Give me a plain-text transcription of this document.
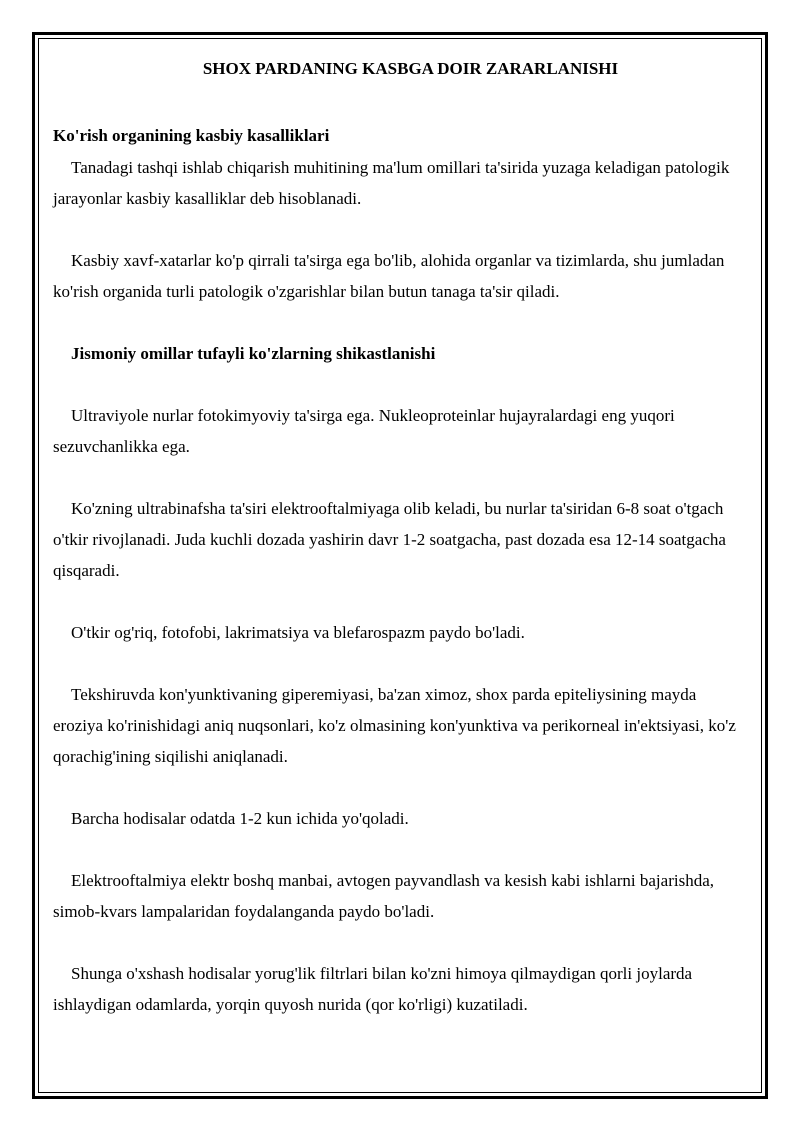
SHOX PARDANING KASBGA DOIR ZARARLANISHI
Ko'rish organining kasbiy kasalliklari

Tanadagi tashqi ishlab chiqarish muhitining ma'lum omillari ta'sirida yuzaga keladigan patologik jarayonlar kasbiy kasalliklar deb hisoblanadi.

Kasbiy xavf-xatarlar ko'p qirrali ta'sirga ega bo'lib, alohida organlar va tizimlarda, shu jumladan ko'rish organida turli patologik o'zgarishlar bilan butun tanaga ta'sir qiladi.

Jismoniy omillar tufayli ko'zlarning shikastlanishi

Ultraviyole nurlar fotokimyoviy ta'sirga ega. Nukleoproteinlar hujayralardagi eng yuqori sezuvchanlikka ega.

Ko'zning ultrabinafsha ta'siri elektrooftalmiyaga olib keladi, bu nurlar ta'siridan 6-8 soat o'tgach o'tkir rivojlanadi. Juda kuchli dozada yashirin davr 1-2 soatgacha, past dozada esa 12-14 soatgacha qisqaradi.

O'tkir og'riq, fotofobi, lakrimatsiya va blefarospazm paydo bo'ladi.

Tekshiruvda kon'yunktivaning giperemiyasi, ba'zan ximoz, shox parda epiteliysining mayda eroziya ko'rinishidagi aniq nuqsonlari, ko'z olmasining kon'yunktiva va perikorneal in'ektsiyasi, ko'z qorachig'ining siqilishi aniqlanadi.

Barcha hodisalar odatda 1-2 kun ichida yo'qoladi.

Elektrooftalmiya elektr boshq manbai, avtogen payvandlash va kesish kabi ishlarni bajarishda, simob-kvars lampalaridan foydalanganda paydo bo'ladi.

Shunga o'xshash hodisalar yorug'lik filtrlari bilan ko'zni himoya qilmaydigan qorli joylarda ishlaydigan odamlarda, yorqin quyosh nurida (qor ko'rligi) kuzatiladi.
